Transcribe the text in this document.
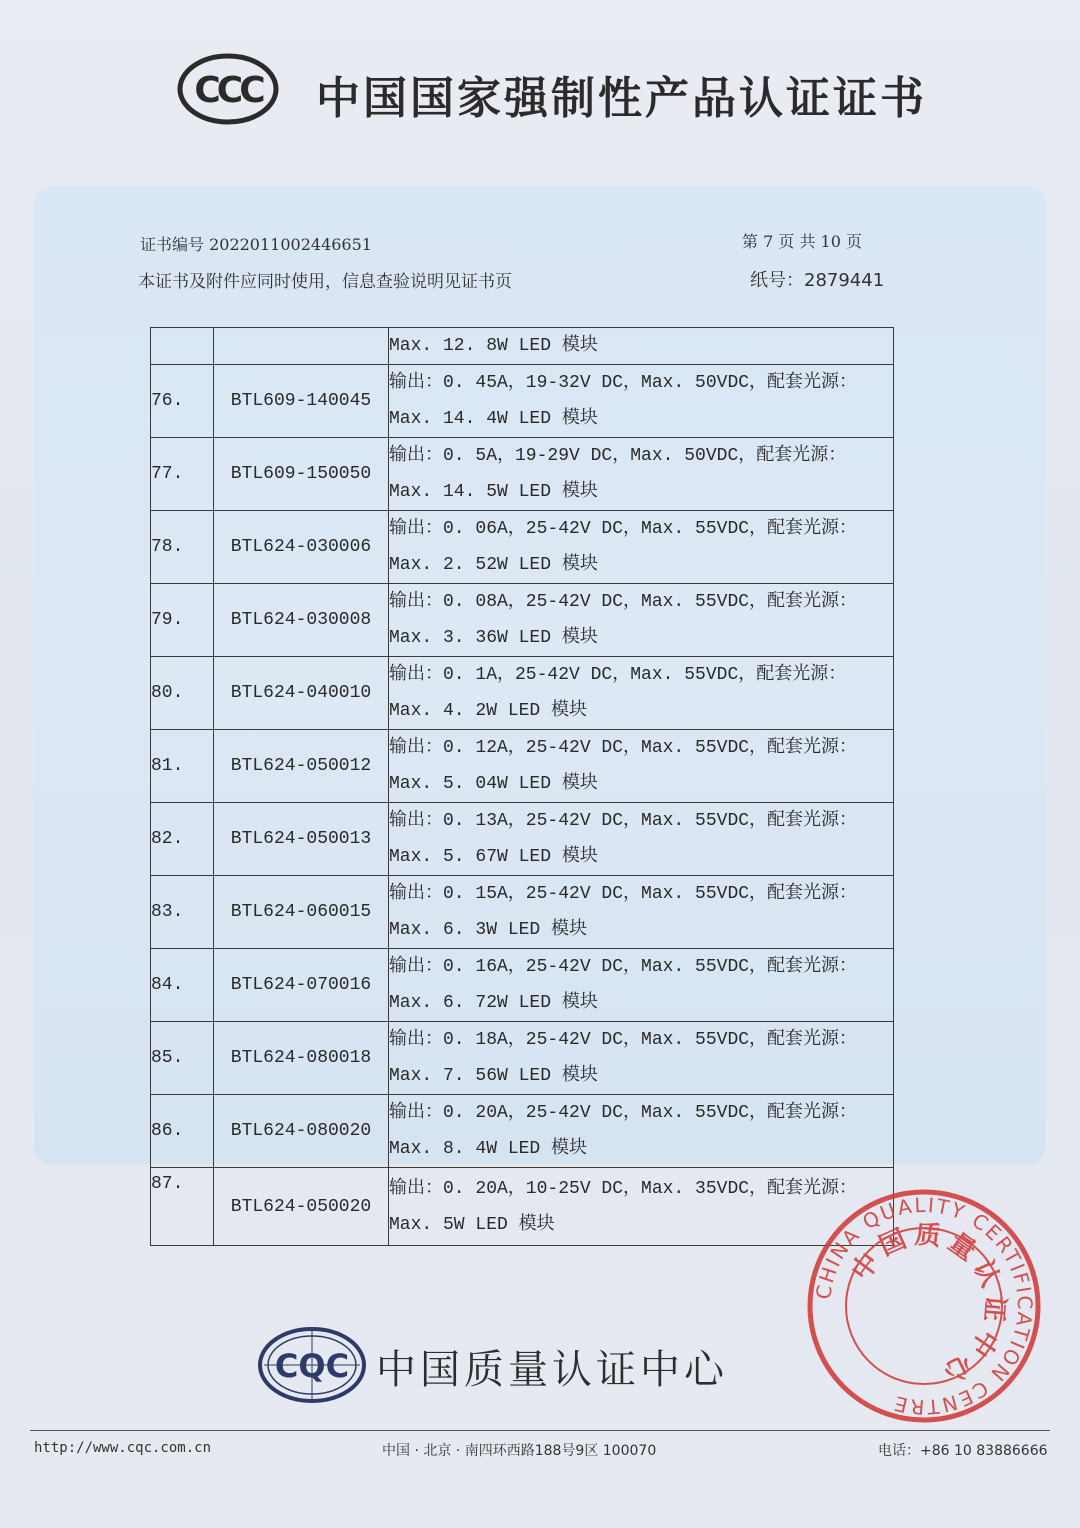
CCC 中国国家强制性产品认证证书
证书编号 2022011002446651
本证书及附件应同时使用，信息查验说明见证书页
第 7 页 共 10 页
纸号：2879441

		Max. 12. 8W LED 模块

76.	BTL609-140045	输出：0. 45A，19-32V DC，Max. 50VDC，配套光源：
Max. 14. 4W LED 模块

77.	BTL609-150050	输出：0. 5A，19-29V DC，Max. 50VDC，配套光源：
Max. 14. 5W LED 模块

78.	BTL624-030006	输出：0. 06A，25-42V DC，Max. 55VDC，配套光源：
Max. 2. 52W LED 模块

79.	BTL624-030008	输出：0. 08A，25-42V DC，Max. 55VDC，配套光源：
Max. 3. 36W LED 模块

80.	BTL624-040010	输出：0. 1A，25-42V DC，Max. 55VDC，配套光源：
Max. 4. 2W LED 模块

81.	BTL624-050012	输出：0. 12A，25-42V DC，Max. 55VDC，配套光源：
Max. 5. 04W LED 模块

82.	BTL624-050013	输出：0. 13A，25-42V DC，Max. 55VDC，配套光源：
Max. 5. 67W LED 模块

83.	BTL624-060015	输出：0. 15A，25-42V DC，Max. 55VDC，配套光源：
Max. 6. 3W LED 模块

84.	BTL624-070016	输出：0. 16A，25-42V DC，Max. 55VDC，配套光源：
Max. 6. 72W LED 模块

85.	BTL624-080018	输出：0. 18A，25-42V DC，Max. 55VDC，配套光源：
Max. 7. 56W LED 模块

86.	BTL624-080020	输出：0. 20A，25-42V DC，Max. 55VDC，配套光源：
Max. 8. 4W LED 模块

87.	BTL624-050020	输出：0. 20A，10-25V DC，Max. 35VDC，配套光源：
Max. 5W LED 模块
CQC 中国质量认证中心
http://www.cqc.com.cn	中国 · 北京 · 南四环西路188号9区 100070	电话：+86 10 83886666
CHINA QUALITY CERTIFICATION CENTRE
中国质量认证中心
